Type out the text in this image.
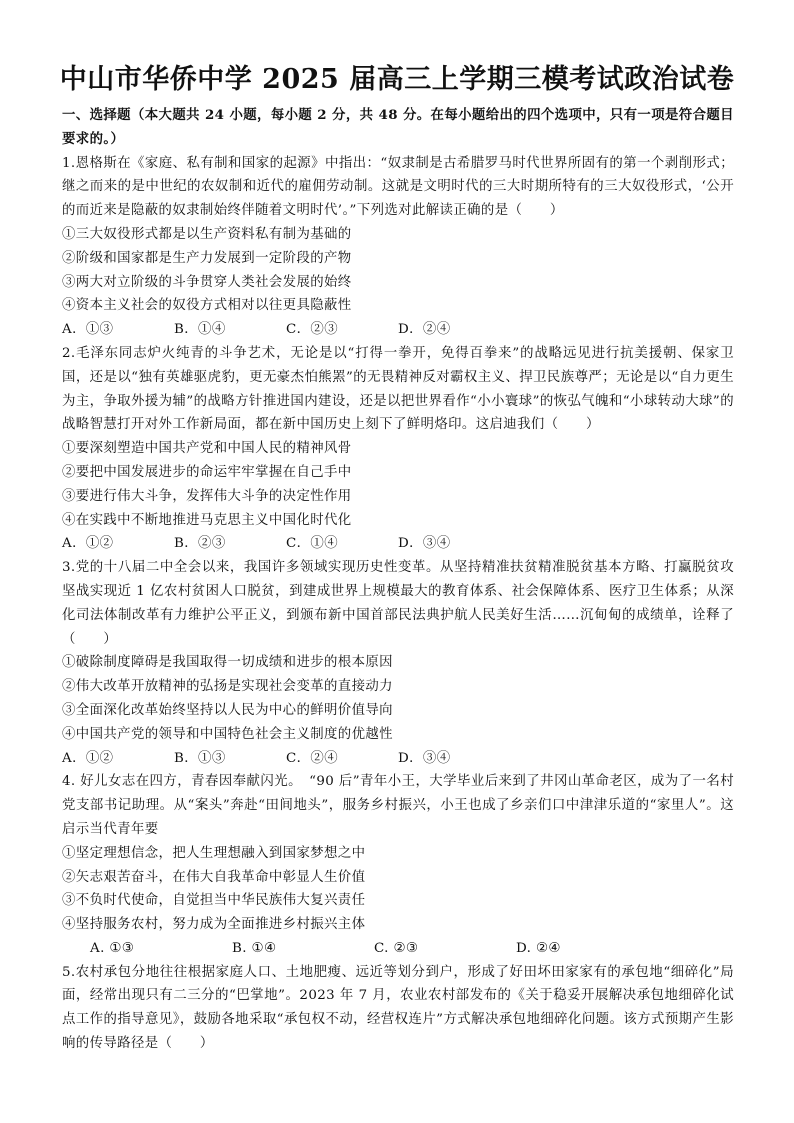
中山市华侨中学 2025 届高三上学期三模考试政治试卷

一、选择题（本大题共 24 小题，每小题 2 分，共 48 分。在每小题给出的四个选项中，只有一项是符合题目要求的。）

1.恩格斯在《家庭、私有制和国家的起源》中指出：“奴隶制是古希腊罗马时代世界所固有的第一个剥削形式；继之而来的是中世纪的农奴制和近代的雇佣劳动制。这就是文明时代的三大时期所特有的三大奴役形式，‘公开的而近来是隐蔽的奴隶制始终伴随着文明时代’。”下列选对此解读正确的是（　　）

①三大奴役形式都是以生产资料私有制为基础的

②阶级和国家都是生产力发展到一定阶段的产物

③两大对立阶级的斗争贯穿人类社会发展的始终

④资本主义社会的奴役方式相对以往更具隐蔽性

A．①③	B．①④	C．②③	D．②④

2.毛泽东同志炉火纯青的斗争艺术，无论是以“打得一拳开，免得百拳来”的战略远见进行抗美援朝、保家卫国，还是以“独有英雄驱虎豹，更无豪杰怕熊罴”的无畏精神反对霸权主义、捍卫民族尊严；无论是以“自力更生为主，争取外援为辅”的战略方针推进国内建设，还是以把世界看作“小小寰球”的恢弘气魄和“小球转动大球”的战略智慧打开对外工作新局面，都在新中国历史上刻下了鲜明烙印。这启迪我们（　　）

①要深刻塑造中国共产党和中国人民的精神风骨

②要把中国发展进步的命运牢牢掌握在自己手中

③要进行伟大斗争，发挥伟大斗争的决定性作用

④在实践中不断地推进马克思主义中国化时代化

A．①②	B．②③	C．①④	D．③④

3.党的十八届二中全会以来，我国许多领域实现历史性变革。从坚持精准扶贫精准脱贫基本方略、打赢脱贫攻坚战实现近 1 亿农村贫困人口脱贫，到建成世界上规模最大的教育体系、社会保障体系、医疗卫生体系；从深化司法体制改革有力维护公平正义，到颁布新中国首部民法典护航人民美好生活……沉甸甸的成绩单，诠释了（　　）

①破除制度障碍是我国取得一切成绩和进步的根本原因

②伟大改革开放精神的弘扬是实现社会变革的直接动力

③全面深化改革始终坚持以人民为中心的鲜明价值导向

④中国共产党的领导和中国特色社会主义制度的优越性

A．①②	B．①③	C．②④	D．③④

4. 好儿女志在四方，青春因奉献闪光。　“90 后”青年小王，大学毕业后来到了井冈山革命老区，成为了一名村党支部书记助理。从“案头”奔赴“田间地头”，服务乡村振兴，小王也成了乡亲们口中津津乐道的“家里人”。这启示当代青年要

①坚定理想信念，把人生理想融入到国家梦想之中

②矢志艰苦奋斗，在伟大自我革命中彰显人生价值

③不负时代使命，自觉担当中华民族伟大复兴责任

④坚持服务农村，努力成为全面推进乡村振兴主体

A. ①③	B. ①④	C. ②③	D. ②④

5.农村承包分地往往根据家庭人口、土地肥瘦、远近等划分到户，形成了好田坏田家家有的承包地“细碎化”局面，经常出现只有二三分的“巴掌地”。2023 年 7 月，农业农村部发布的《关于稳妥开展解决承包地细碎化试点工作的指导意见》，鼓励各地采取“承包权不动，经营权连片”方式解决承包地细碎化问题。该方式预期产生影响的传导路径是（　　）
